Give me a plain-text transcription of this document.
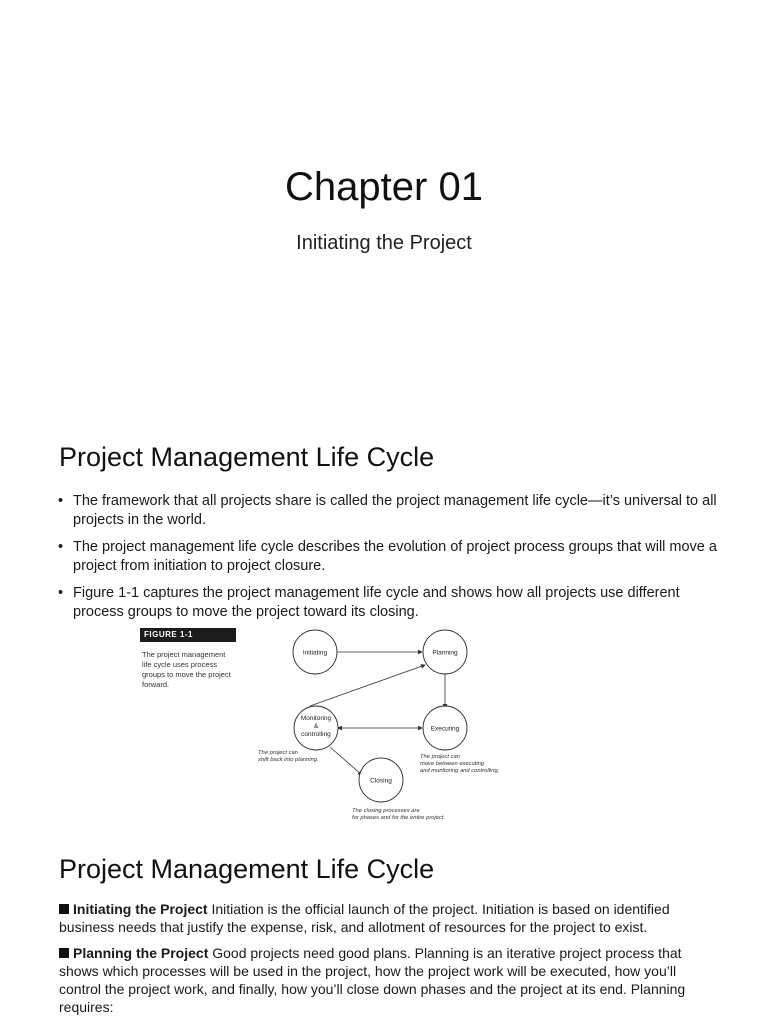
Chapter 01
Initiating the Project
Project Management Life Cycle
• The framework that all projects share is called the project management life cycle—it’s universal to all projects in the world.
• The project management life cycle describes the evolution of project process groups that will move a project from initiation to project closure.
• Figure 1-1 captures the project management life cycle and shows how all projects use different process groups to move the project toward its closing.
FIGURE 1-1
The project management life cycle uses process groups to move the project forward.
Initiating	Planning
Monitoring
&
controlling
Executing
Closing
The project can
shift back into planning.	The project can
move between executing
and monitoring and controlling.
The closing processes are
for phases and for the entire project.
Project Management Life Cycle

Initiating the Project Initiation is the official launch of the project. Initiation is based on identified business needs that justify the expense, risk, and allotment of resources for the project to exist.

Planning the Project Good projects need good plans. Planning is an iterative project process that shows which processes will be used in the project, how the project work will be executed, how you’ll control the project work, and finally, how you’ll close down phases and the project at its end. Planning requires:
